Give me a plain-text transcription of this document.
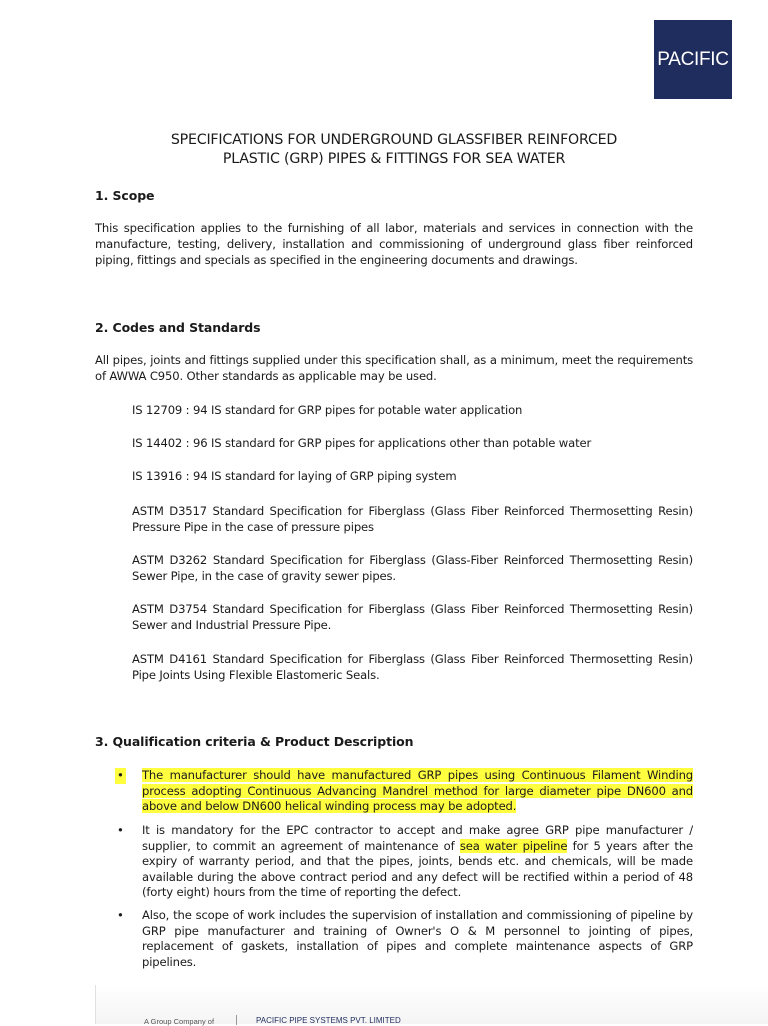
PACIFIC
SPECIFICATIONS FOR UNDERGROUND GLASSFIBER REINFORCED
PLASTIC (GRP) PIPES & FITTINGS FOR SEA WATER
1. Scope

This specification applies to the furnishing of all labor, materials and services in connection with the manufacture, testing, delivery, installation and commissioning of underground glass fiber reinforced piping, fittings and specials as specified in the engineering documents and drawings.

2. Codes and Standards

All pipes, joints and fittings supplied under this specification shall, as a minimum, meet the requirements of AWWA C950. Other standards as applicable may be used.

IS 12709 : 94 IS standard for GRP pipes for potable water application
IS 14402 : 96 IS standard for GRP pipes for applications other than potable water
IS 13916 : 94 IS standard for laying of GRP piping system
ASTM D3517 Standard Specification for Fiberglass (Glass Fiber Reinforced Thermosetting Resin) Pressure Pipe in the case of pressure pipes
ASTM D3262 Standard Specification for Fiberglass (Glass-Fiber Reinforced Thermosetting Resin) Sewer Pipe, in the case of gravity sewer pipes.
ASTM D3754 Standard Specification for Fiberglass (Glass Fiber Reinforced Thermosetting Resin) Sewer and Industrial Pressure Pipe.
ASTM D4161 Standard Specification for Fiberglass (Glass Fiber Reinforced Thermosetting Resin) Pipe Joints Using Flexible Elastomeric Seals.
3. Qualification criteria & Product Description
• The manufacturer should have manufactured GRP pipes using Continuous Filament Winding process adopting Continuous Advancing Mandrel method for large diameter pipe DN600 and above and below DN600 helical winding process may be adopted.

• It is mandatory for the EPC contractor to accept and make agree GRP pipe manufacturer / supplier, to commit an agreement of maintenance of sea water pipeline for 5 years after the expiry of warranty period, and that the pipes, joints, bends etc. and chemicals, will be made available during the above contract period and any defect will be rectified within a period of 48 (forty eight) hours from the time of reporting the defect.

• Also, the scope of work includes the supervision of installation and commissioning of pipeline by GRP pipe manufacturer and training of Owner's O & M personnel to jointing of pipes, replacement of gaskets, installation of pipes and complete maintenance aspects of GRP pipelines.

A Group Company of	PACIFIC PIPE SYSTEMS PVT. LIMITED
